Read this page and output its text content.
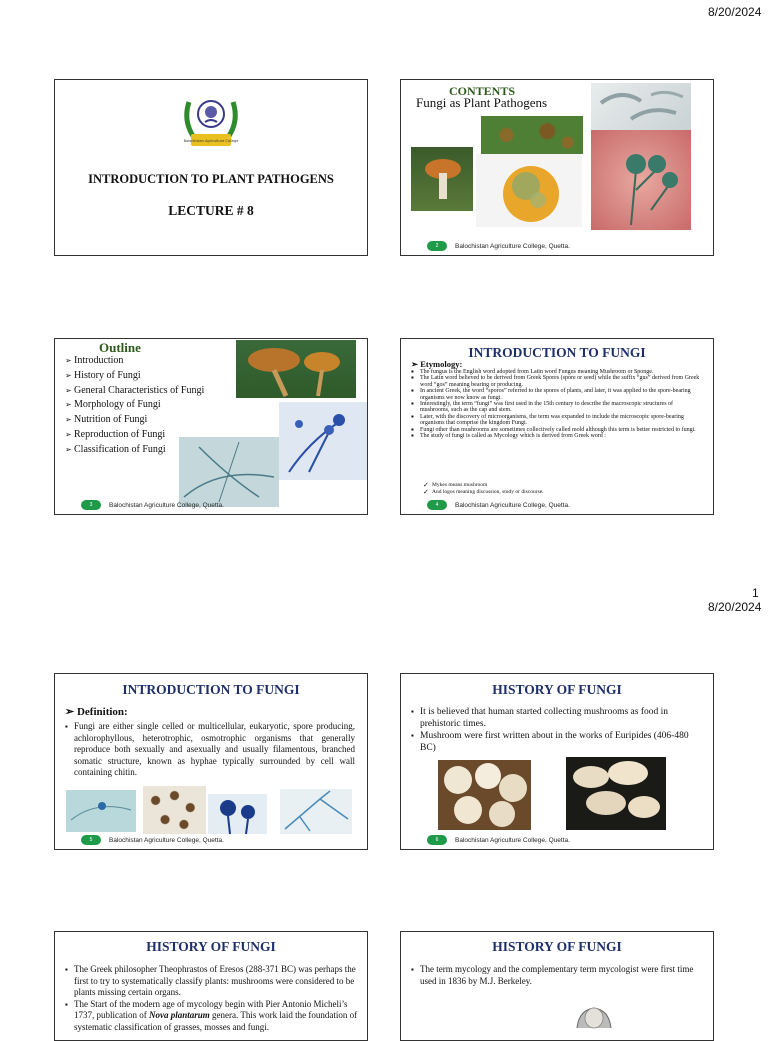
8/20/2024
1
8/20/2024
Balochistan Agriculture College
INTRODUCTION TO PLANT PATHOGENS
LECTURE # 8
CONTENTS
Fungi as Plant Pathogens
2	Balochistan Agriculture College, Quetta.
Outline
➢ Introduction
➢ History of Fungi
➢ General Characteristics of Fungi
➢ Morphology of Fungi
➢ Nutrition of Fungi
➢ Reproduction of Fungi
➢ Classification of Fungi
3	Balochistan Agriculture College, Quetta.
INTRODUCTION TO FUNGI
➢ Etymology:
▪ The fungus is the English word adopted from Latin word Fungus meaning Mushroom or Sponge.
▪ The Latin word believed to be derived from Greek Spores (spore or seed) while the suffix “gus” derived from Greek word “gos” meaning bearing or producing.
▪ In ancient Greek, the word “sporos” referred to the spores of plants, and later, it was applied to the spore-bearing organisms we now know as fungi.
▪ Interestingly, the term “fungi” was first used in the 15th century to describe the macroscopic structures of mushrooms, such as the cap and stem.
▪ Later, with the discovery of microorganisms, the term was expanded to include the microscopic spore-bearing organisms that comprise the kingdom Fungi.
▪ Fungi other than mushrooms are sometimes collectively called mold although this term is better restricted to fungi.
▪ The study of fungi is called as Mycology which is derived from Greek word :
✓ Mykes means mushroom
✓ And logos meaning discussion, study or discourse.
4	Balochistan Agriculture College, Quetta.
INTRODUCTION TO FUNGI
➢ Definition:
▪ Fungi are either single celled or multicellular, eukaryotic, spore producing, achlorophyllous, heterotrophic, osmotrophic organisms that generally reproduce both sexually and asexually and usually filamentous, branched somatic structure, known as hyphae typically surrounded by cell wall containing chitin.
5	Balochistan Agriculture College, Quetta.
HISTORY OF FUNGI
▪ It is believed that human started collecting mushrooms as food in prehistoric times.
▪ Mushroom were first written about in the works of Euripides (406-480 BC)
6	Balochistan Agriculture College, Quetta.
HISTORY OF FUNGI
▪ The Greek philosopher Theophrastos of Eresos (288-371 BC) was perhaps the first to try to systematically classify plants: mushrooms were considered to be plants missing certain organs.
▪ The Start of the modern age of mycology begin with Pier Antonio Micheli’s 1737, publication of Nova plantarum genera. This work laid the foundation of systematic classification of grasses, mosses and fungi.
HISTORY OF FUNGI
▪ The term mycology and the complementary term mycologist were first time used in 1836 by M.J. Berkeley.
